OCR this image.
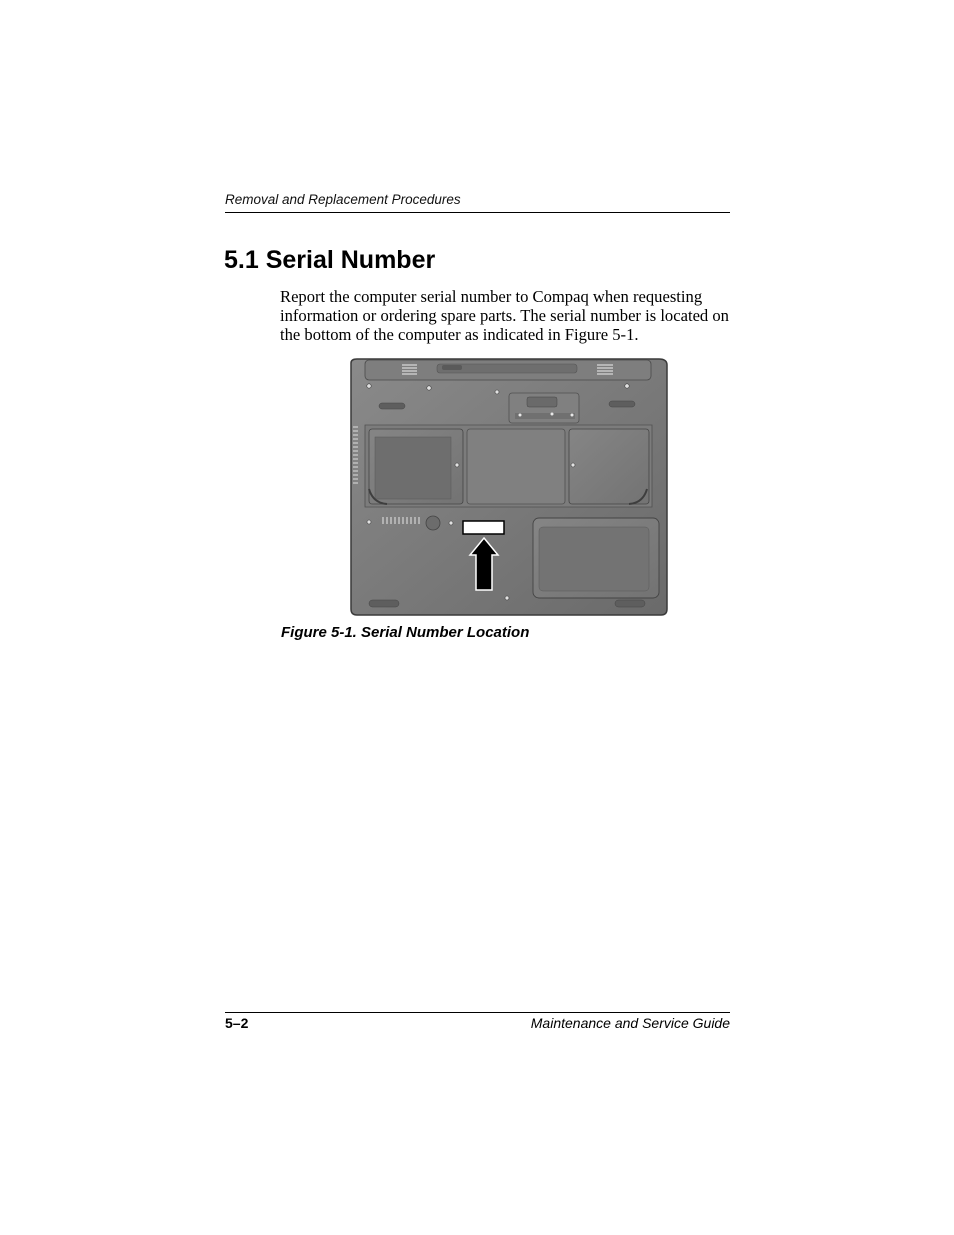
Removal and Replacement Procedures
5.1 Serial Number

Report the computer serial number to Compaq when requesting information or ordering spare parts. The serial number is located on the bottom of the computer as indicated in Figure 5-1.

Figure 5-1. Serial Number Location
5–2	Maintenance and Service Guide
